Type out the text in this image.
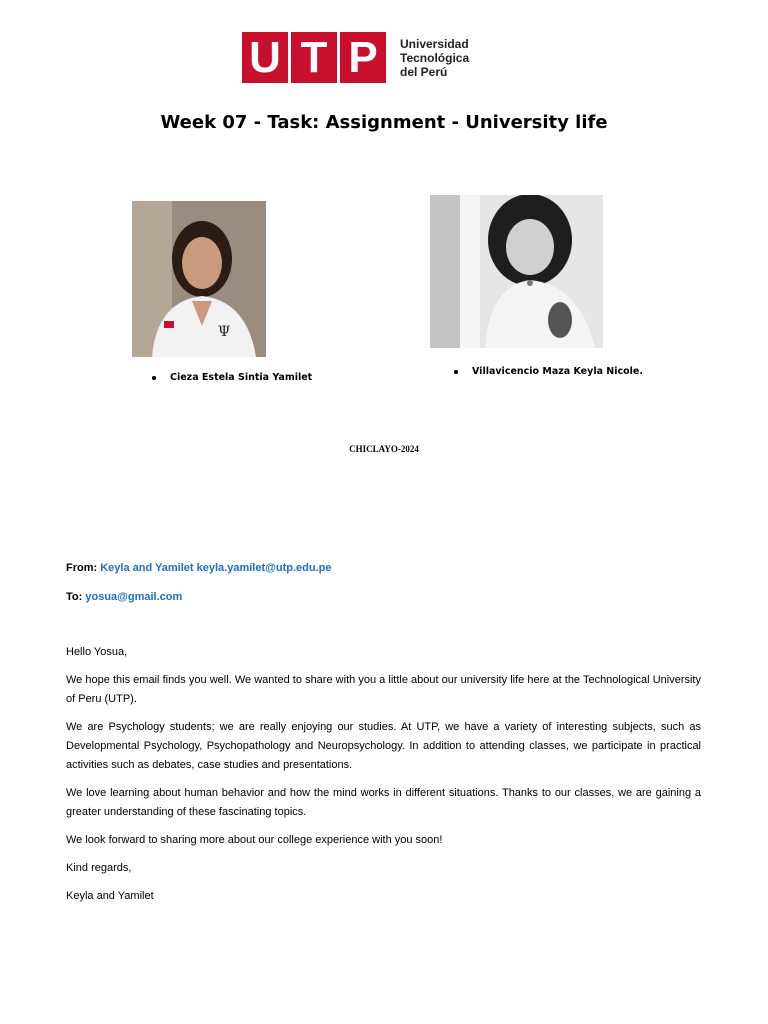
U T P	Universidad
Tecnológica
del Perú
Week 07 - Task: Assignment - University life
Ψ
Cieza Estela Sintia Yamilet
Villavicencio Maza Keyla Nicole.
CHICLAYO-2024
From: Keyla and Yamilet keyla.yamilet@utp.edu.pe
To: yosua@gmail.com
Hello Yosua,
We hope this email finds you well. We wanted to share with you a little about our university life here at the Technological University of Peru (UTP).
We are Psychology students; we are really enjoying our studies. At UTP, we have a variety of interesting subjects, such as Developmental Psychology, Psychopathology and Neuropsychology. In addition to attending classes, we participate in practical activities such as debates, case studies and presentations.
We love learning about human behavior and how the mind works in different situations. Thanks to our classes, we are gaining a greater understanding of these fascinating topics.
We look forward to sharing more about our college experience with you soon!
Kind regards,
Keyla and Yamilet
